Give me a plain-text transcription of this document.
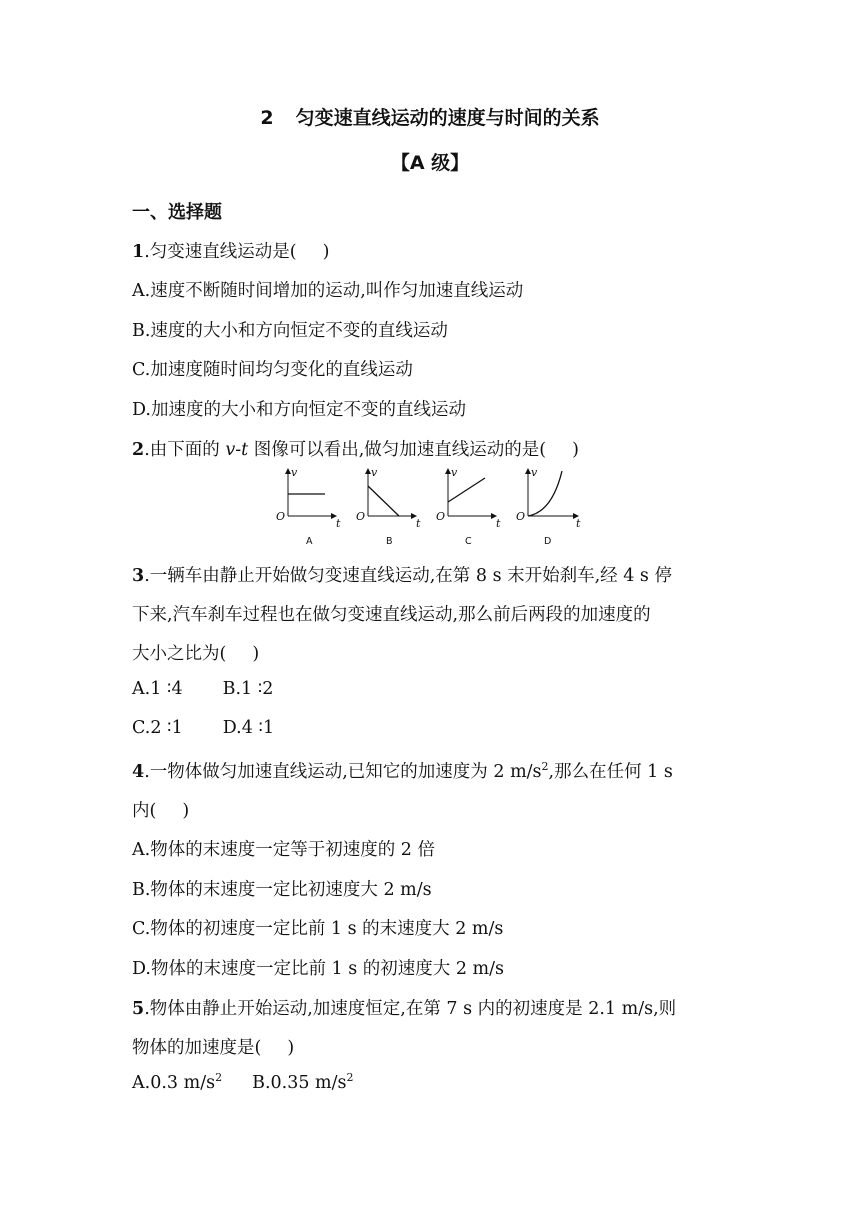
2 匀变速直线运动的速度与时间的关系
【A 级】
一、选择题
1.匀变速直线运动是( )
A.速度不断随时间增加的运动,叫作匀加速直线运动
B.速度的大小和方向恒定不变的直线运动
C.加速度随时间均匀变化的直线运动
D.加速度的大小和方向恒定不变的直线运动
2.由下面的 v-t 图像可以看出,做匀加速直线运动的是( )
v
t
O
A
v
t
O
B
v
t
O
C
v
t
O
D
3.一辆车由静止开始做匀变速直线运动,在第 8 s 末开始刹车,经 4 s 停
下来,汽车刹车过程也在做匀变速直线运动,那么前后两段的加速度的
大小之比为( )
A.1 ∶4 B.1 ∶2
C.2 ∶1 D.4 ∶1
4.一物体做匀加速直线运动,已知它的加速度为 2 $m/s^2$,那么在任何 1 s
内( )
A.物体的末速度一定等于初速度的 2 倍
B.物体的末速度一定比初速度大 2 m/s
C.物体的初速度一定比前 1 s 的末速度大 2 m/s
D.物体的末速度一定比前 1 s 的初速度大 2 m/s
5.物体由静止开始运动,加速度恒定,在第 7 s 内的初速度是 2.1 m/s,则
物体的加速度是( )
A.0.3 $m/s^2$ B.0.35 $m/s^2$
